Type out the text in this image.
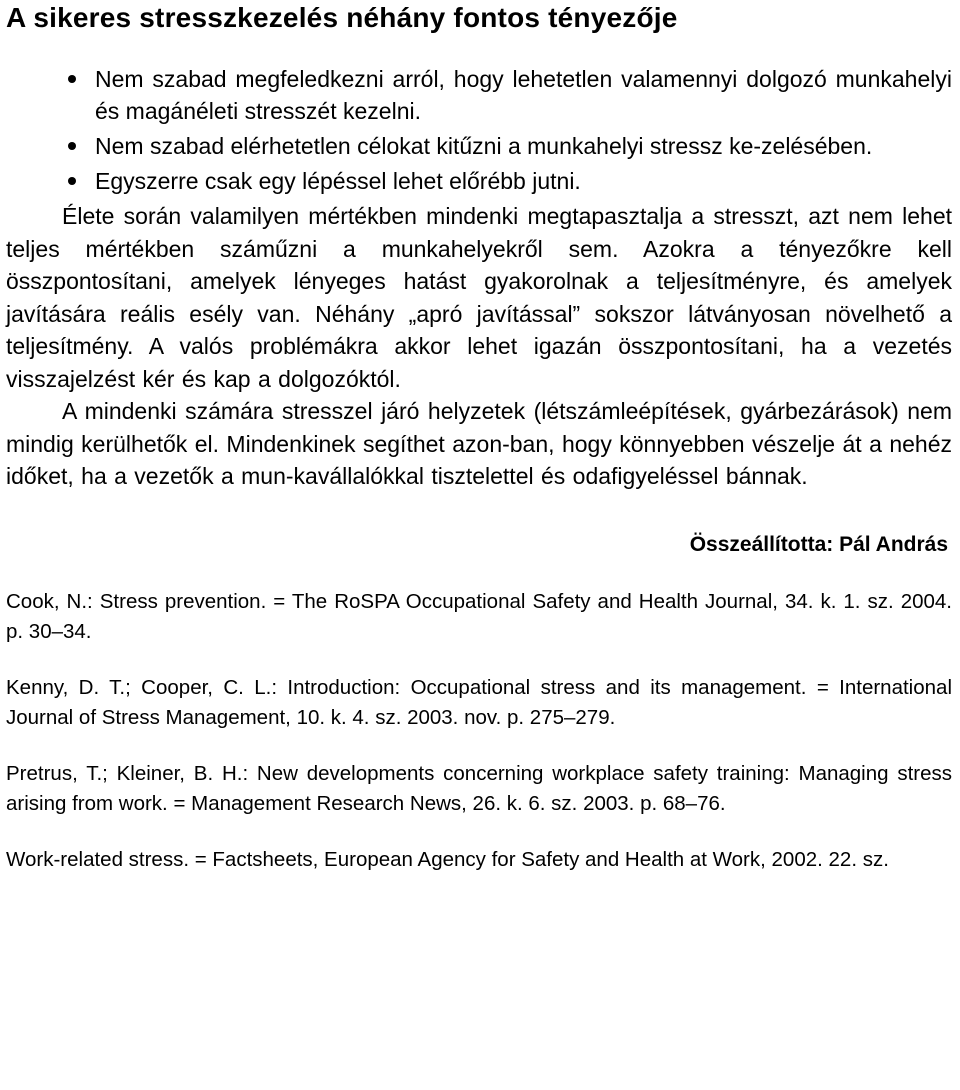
A sikeres stresszkezelés néhány fontos tényezője
Nem szabad megfeledkezni arról, hogy lehetetlen valamennyi dolgozó munkahelyi és magánéleti stresszét kezelni.
Nem szabad elérhetetlen célokat kitűzni a munkahelyi stressz ke-zelésében.
Egyszerre csak egy lépéssel lehet előrébb jutni.

Élete során valamilyen mértékben mindenki megtapasztalja a stresszt, azt nem lehet teljes mértékben száműzni a munkahelyekről sem. Azokra a tényezőkre kell összpontosítani, amelyek lényeges hatást gyakorolnak a teljesítményre, és amelyek javítására reális esély van. Néhány „apró javítással” sokszor látványosan növelhető a teljesítmény. A valós problémákra akkor lehet igazán összpontosítani, ha a vezetés visszajelzést kér és kap a dolgozóktól.

A mindenki számára stresszel járó helyzetek (létszámleépítések, gyárbezárások) nem mindig kerülhetők el. Mindenkinek segíthet azon-ban, hogy könnyebben vészelje át a nehéz időket, ha a vezetők a mun-kavállalókkal tisztelettel és odafigyeléssel bánnak.

Összeállította: Pál András

Cook, N.: Stress prevention. = The RoSPA Occupational Safety and Health Journal, 34. k. 1. sz. 2004. p. 30–34.

Kenny, D. T.; Cooper, C. L.: Introduction: Occupational stress and its management. = International Journal of Stress Management, 10. k. 4. sz. 2003. nov. p. 275–279.

Pretrus, T.; Kleiner, B. H.: New developments concerning workplace safety training: Managing stress arising from work. = Management Research News, 26. k. 6. sz. 2003. p. 68–76.

Work-related stress. = Factsheets, European Agency for Safety and Health at Work, 2002. 22. sz.
